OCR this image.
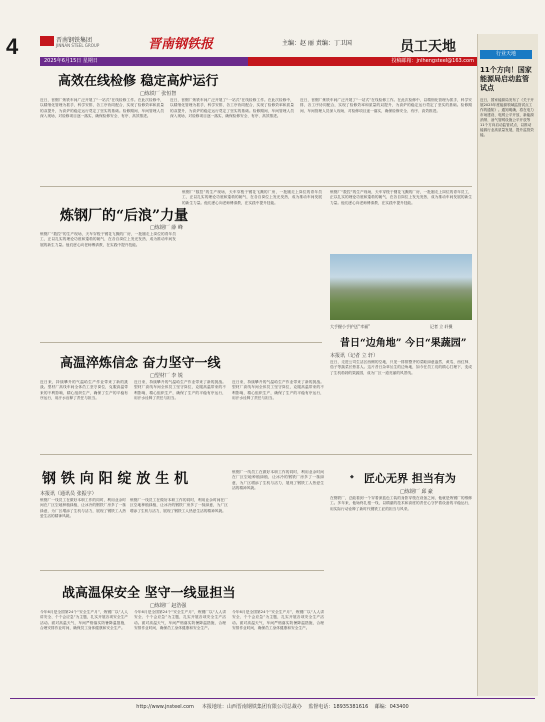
4	晋南钢铁集团
JINNAN STEEL GROUP	晋南钢铁报	主编：赵 丽 责编：丁卫国	员工天地
2025年6月15日 星期日	投稿邮箱：jnlhengsteel@163.com
高效在线检修 稳定高炉运行
□炼铁厂 张恒智
近日，晋钢厂炼铁车间广泛开展了“一站式”在线检修工作。在此次检修中，以精细化管理为抓手，科学安排，各工序协同配合，实现了检修效率和质量的双提升，为高炉的稳定运行奠定了坚实的基础。检修期间，车间管理人员深入现场，对检修项目逐一落实，确保检修安全、有序、高效推进。
近日，晋钢厂炼铁车间广泛开展了“一站式”在线检修工作。在此次检修中，以精细化管理为抓手，科学安排，各工序协同配合，实现了检修效率和质量的双提升，为高炉的稳定运行奠定了坚实的基础。检修期间，车间管理人员深入现场，对检修项目逐一落实，确保检修安全、有序、高效推进。
近日，晋钢厂炼铁车间广泛开展了“一站式”在线检修工作。在此次检修中，以精细化管理为抓手，科学安排，各工序协同配合，实现了检修效率和质量的双提升，为高炉的稳定运行奠定了坚实的基础。检修期间，车间管理人员深入现场，对检修项目逐一落实，确保检修安全、有序、高效推进。
炼钢厂的“后浪”力量
□炼钢厂 薛 峰
炼钢厂“数控”的生产现场，天车穿梭于钢花飞溅的厂房，一批刚走上岗位的青年员工，正以扎实的理论功底和蓬勃的朝气，在各自岗位上发光发热，成为推动车间发展的新生力量。他们虚心向老师傅请教，在实践中提升技能。
炼钢厂“数控”的生产现场，天车穿梭于钢花飞溅的厂房，一批刚走上岗位的青年员工，正以扎实的理论功底和蓬勃的朝气，在各自岗位上发光发热，成为推动车间发展的新生力量。他们虚心向老师傅请教，在实践中提升技能。
炼钢厂“数控”的生产现场，天车穿梭于钢花飞溅的厂房，一批刚走上岗位的青年员工，正以扎实的理论功底和蓬勃的朝气，在各自岗位上发光发热，成为推动车间发展的新生力量。他们虚心向老师傅请教，在实践中提升技能。
大手握小手护送“幸福”	记者 立 轩摄
昔日“边角地” 今日“果蔬园”
本报讯（记者 立 轩）
近日，走进公司生活区西侧的空地，只见一排排整齐的菜畦绿意盎然，黄瓜、西红柿、茄子等蔬菜长势喜人。这片昔日杂草丛生的边角地，如今在员工们的精心打理下，变成了生机勃勃的果蔬园，成为厂区一道亮丽的风景线。
高温淬炼信念 奋力坚守一线
□型材厂 李 锐
近日来，持续攀升的气温给生产作业带来了新的挑战。型材厂高线车间全体员工坚守岗位，克服高温带来的不利影响，精心组织生产，确保了生产的平稳有序运行，用汗水诠释了责任与担当。
近日来，持续攀升的气温给生产作业带来了新的挑战。型材厂高线车间全体员工坚守岗位，克服高温带来的不利影响，精心组织生产，确保了生产的平稳有序运行，用汗水诠释了责任与担当。
近日来，持续攀升的气温给生产作业带来了新的挑战。型材厂高线车间全体员工坚守岗位，克服高温带来的不利影响，精心组织生产，确保了生产的平稳有序运行，用汗水诠释了责任与担当。
钢 铁 向 阳 绽 放 生 机
本报讯（通讯员 张振宇）
炼钢厂一线员工在做好本职工作的同时，利用业余时间在厂区空地种植绿植，让冰冷的钢铁厂房多了一抹绿意，为厂区增添了生机与活力，展现了钢铁工人热爱生活的精神风貌。
炼钢厂一线员工在做好本职工作的同时，利用业余时间在厂区空地种植绿植，让冰冷的钢铁厂房多了一抹绿意，为厂区增添了生机与活力，展现了钢铁工人热爱生活的精神风貌。
炼钢厂一线员工在做好本职工作的同时，利用业余时间在厂区空地种植绿植，让冰冷的钢铁厂房多了一抹绿意，为厂区增添了生机与活力，展现了钢铁工人热爱生活的精神风貌。
◆ 匠心无界 担当有为
□炼钢厂 邱 豪
在钢铁厂，总能看到一个穿着深蓝色工装的身影穿梭在设备之间，他就是炼钢厂的维修工。多年来，他始终扎根一线，以精湛的技术和高度的责任心守护着设备的平稳运行，用实际行动诠释了新时代钢铁工匠的担当与风采。
战高温保安全 坚守一线显担当
□炼钢厂 赵浩强
今年6月是全国第24个“安全生产月”，炼钢厂以“人人讲安全、个个会应急”为主题，扎实开展各项安全生产活动。面对高温天气，车间严格落实防暑降温措施，合理安排作业时间，确保员工身体健康和安全生产。
今年6月是全国第24个“安全生产月”，炼钢厂以“人人讲安全、个个会应急”为主题，扎实开展各项安全生产活动。面对高温天气，车间严格落实防暑降温措施，合理安排作业时间，确保员工身体健康和安全生产。
今年6月是全国第24个“安全生产月”，炼钢厂以“人人讲安全、个个会应急”为主题，扎实开展各项安全生产活动。面对高温天气，车间严格落实防暑降温措施，合理安排作业时间，确保员工身体健康和安全生产。
行业天地
11个方向！国家能源局启动监管试点
近日，国家能源局发布了《关于开展2025年度能源领域监管试点工作的通知》。通知明确，将在电力市场建设、电网公平开放、新能源消纳、油气管网设施公平开放等11个方向启动监管试点，以推动能源行业高质量发展，提升监管效能。
http://www.jnsteel.com 本报地址：山西晋南钢铁集团有限公司总裁办 监督电话：18935381616 邮编：043400
